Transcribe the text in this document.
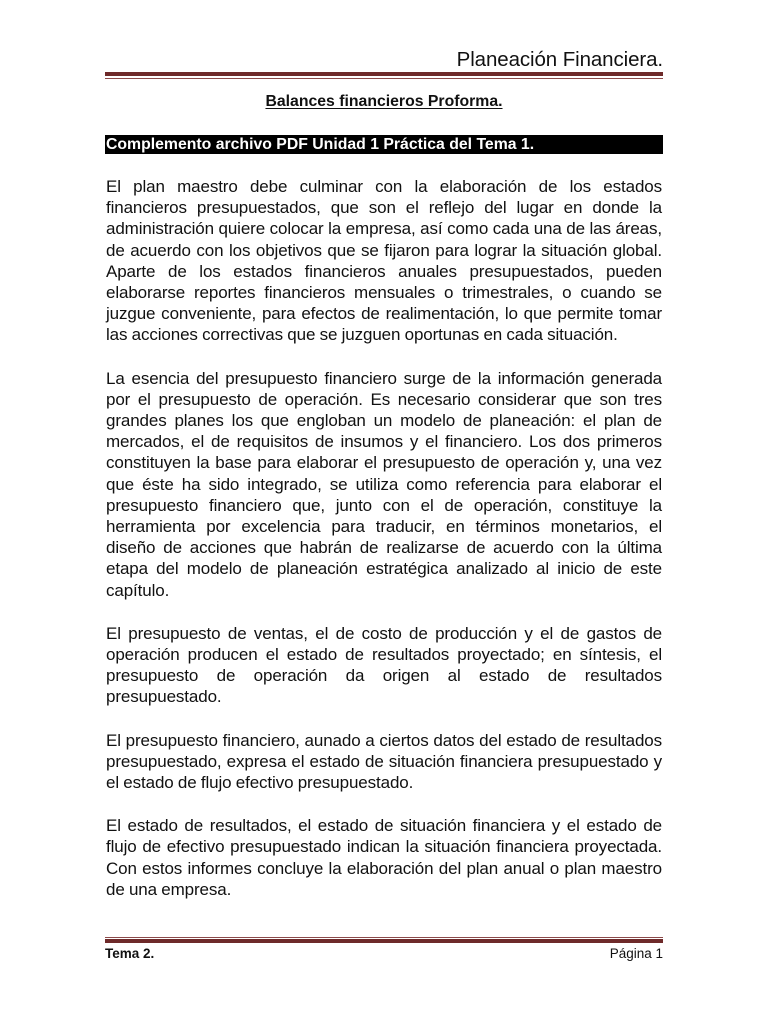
Planeación Financiera.
Balances financieros Proforma.
Complemento archivo PDF Unidad 1 Práctica del Tema 1.

El plan maestro debe culminar con la elaboración de los estados financieros presupuestados, que son el reflejo del lugar en donde la administración quiere colocar la empresa, así como cada una de las áreas, de acuerdo con los objetivos que se fijaron para lograr la situación global. Aparte de los estados financieros anuales presupuestados, pueden elaborarse reportes financieros mensuales o trimestrales, o cuando se juzgue conveniente, para efectos de realimentación, lo que permite tomar las acciones correctivas que se juzguen oportunas en cada situación.

La esencia del presupuesto financiero surge de la información generada por el presupuesto de operación. Es necesario considerar que son tres grandes planes los que engloban un modelo de planeación: el plan de mercados, el de requisitos de insumos y el financiero. Los dos primeros constituyen la base para elaborar el presupuesto de operación y, una vez que éste ha sido integrado, se utiliza como referencia para elaborar el presupuesto financiero que, junto con el de operación, constituye la herramienta por excelencia para traducir, en términos monetarios, el diseño de acciones que habrán de realizarse de acuerdo con la última etapa del modelo de planeación estratégica analizado al inicio de este capítulo.

El presupuesto de ventas, el de costo de producción y el de gastos de operación producen el estado de resultados proyectado; en síntesis, el presupuesto de operación da origen al estado de resultados presupuestado.

El presupuesto financiero, aunado a ciertos datos del estado de resultados presupuestado, expresa el estado de situación financiera presupuestado y el estado de flujo efectivo presupuestado.

El estado de resultados, el estado de situación financiera y el estado de flujo de efectivo presupuestado indican la situación financiera proyectada. Con estos informes concluye la elaboración del plan anual o plan maestro de una empresa.

Tema 2.	Página 1
